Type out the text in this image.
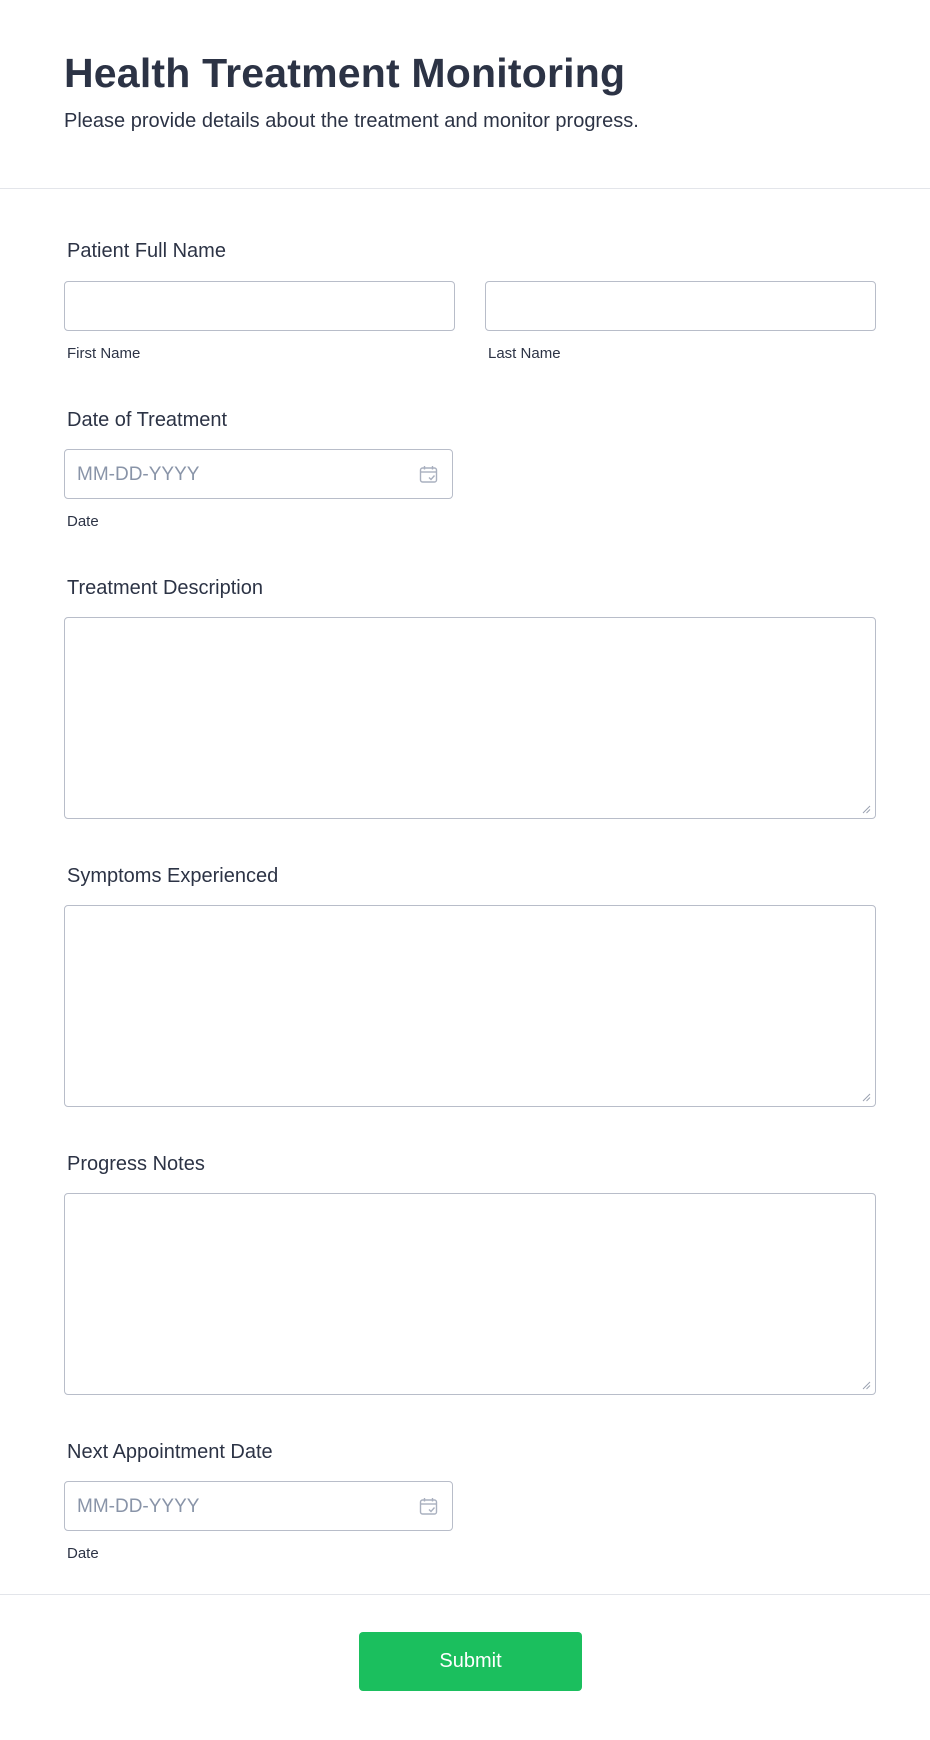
Health Treatment Monitoring
Please provide details about the treatment and monitor progress.
Patient Full Name
First Name	Last Name
Date of Treatment
MM-DD-YYYY
Date
Treatment Description
Symptoms Experienced
Progress Notes
Next Appointment Date
MM-DD-YYYY
Date
Submit
